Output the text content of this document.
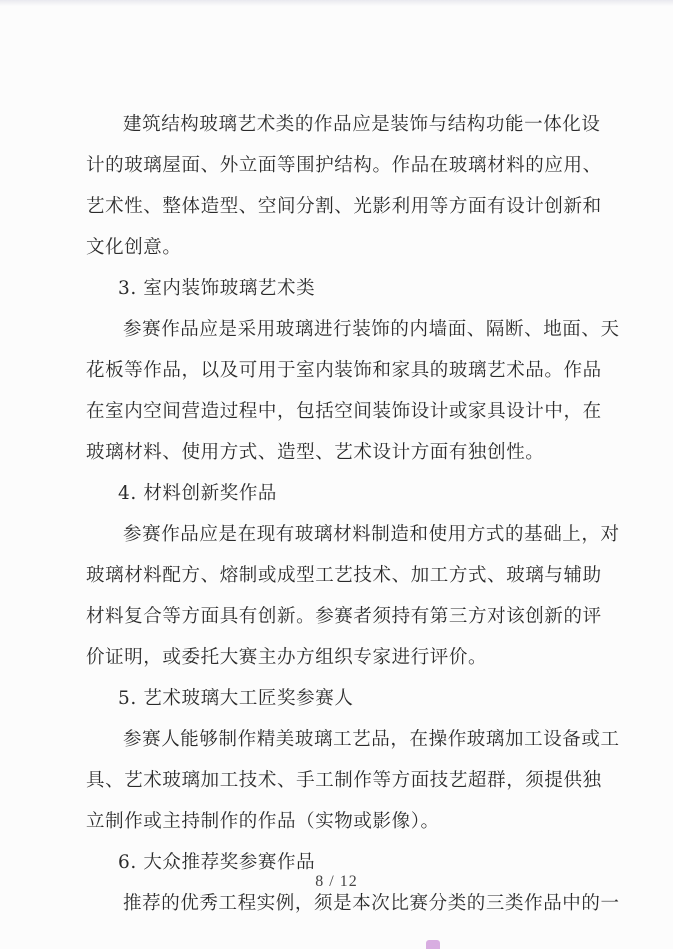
建筑结构玻璃艺术类的作品应是装饰与结构功能一体化设
计的玻璃屋面、外立面等围护结构。作品在玻璃材料的应用、
艺术性、整体造型、空间分割、光影利用等方面有设计创新和
文化创意。
3. 室内装饰玻璃艺术类
参赛作品应是采用玻璃进行装饰的内墙面、隔断、地面、天
花板等作品，以及可用于室内装饰和家具的玻璃艺术品。作品
在室内空间营造过程中，包括空间装饰设计或家具设计中，在
玻璃材料、使用方式、造型、艺术设计方面有独创性。
4. 材料创新奖作品
参赛作品应是在现有玻璃材料制造和使用方式的基础上，对
玻璃材料配方、熔制或成型工艺技术、加工方式、玻璃与辅助
材料复合等方面具有创新。参赛者须持有第三方对该创新的评
价证明，或委托大赛主办方组织专家进行评价。
5. 艺术玻璃大工匠奖参赛人
参赛人能够制作精美玻璃工艺品，在操作玻璃加工设备或工
具、艺术玻璃加工技术、手工制作等方面技艺超群，须提供独
立制作或主持制作的作品（实物或影像）。
6. 大众推荐奖参赛作品
推荐的优秀工程实例，须是本次比赛分类的三类作品中的一
8 / 12
